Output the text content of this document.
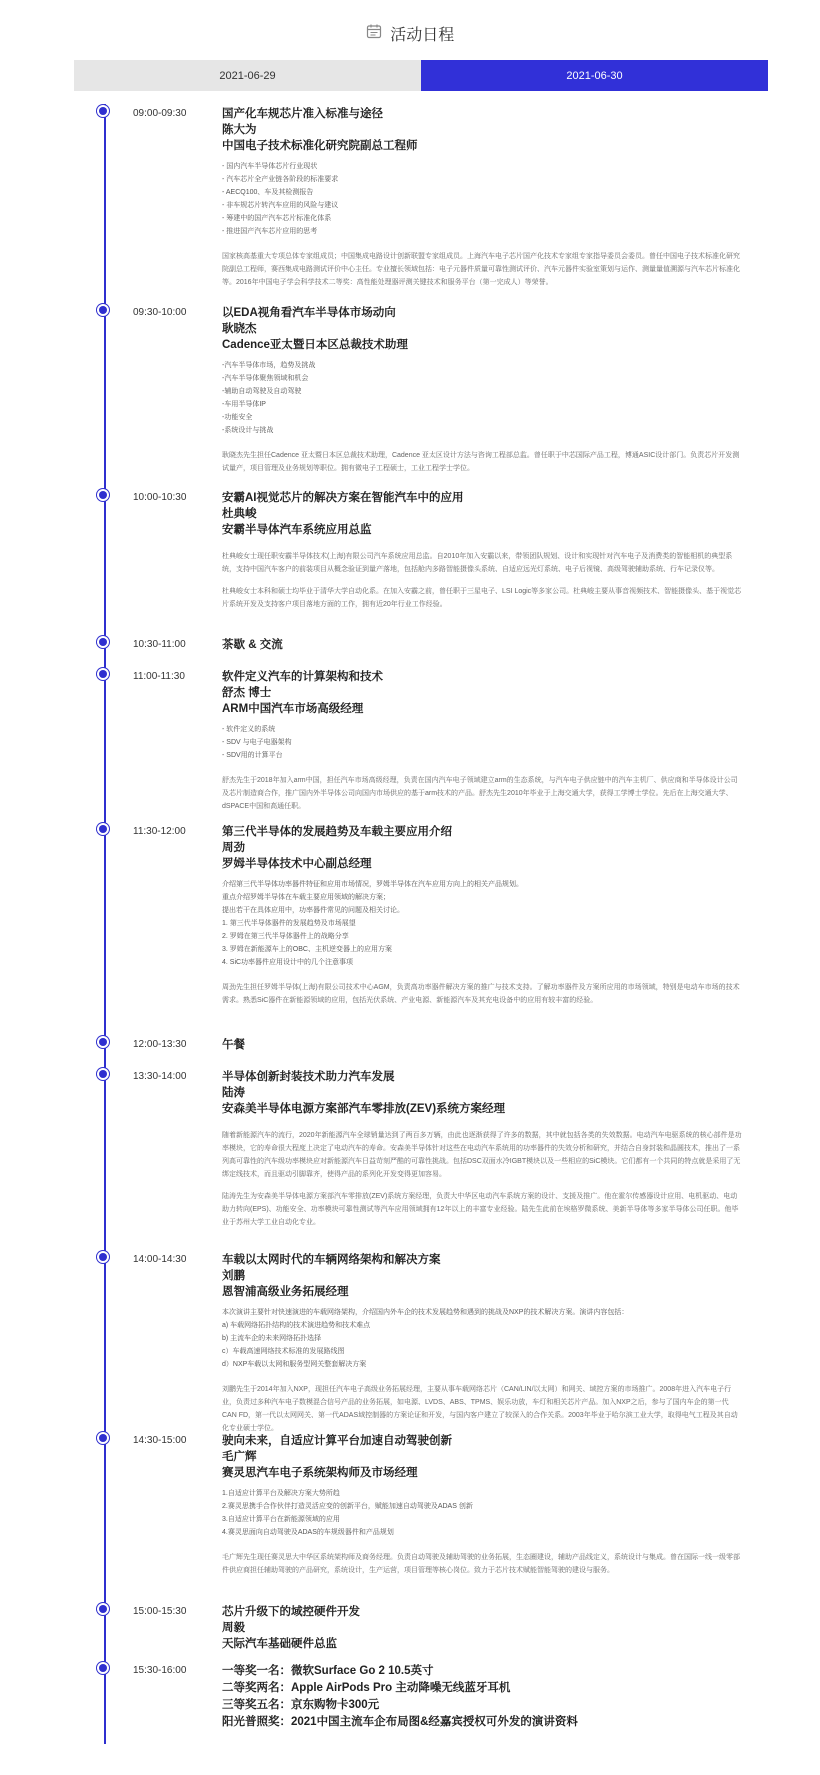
活动日程
2021-06-29	2021-06-30
09:00-09:30	国产化车规芯片准入标准与途径
陈大为
中国电子技术标准化研究院副总工程师
- 国内汽车半导体芯片行业现状
- 汽车芯片全产业链各阶段的标准要求
- AECQ100、车及其检测报告
- 非车规芯片转汽车应用的风险与建议
- 筹建中的国产汽车芯片标准化体系
- 推进国产汽车芯片应用的思考

国家核高基重大专项总体专家组成员；中国集成电路设计创新联盟专家组成员。上海汽车电子芯片国产化技术专家组专家指导委员会委员。曾任中国电子技术标准化研究院副总工程师，赛西集成电路测试评价中心主任。专业擅长领域包括：电子元器件质量可靠性测试评价、汽车元器件实验室策划与运作、测量量值溯源与汽车芯片标准化等。2016年中国电子学会科学技术二等奖：高性能处理器评测关键技术和服务平台（第一完成人）等荣誉。

09:30-10:00	以EDA视角看汽车半导体市场动向
耿晓杰
Cadence亚太暨日本区总裁技术助理
-汽车半导体市场，趋势及挑战
-汽车半导体聚焦领域和机会
-辅助自动驾驶及自动驾驶
-车用半导体IP
-功能安全
-系统设计与挑战

耿晓杰先生担任Cadence 亚太暨日本区总裁技术助理，Cadence 亚太区设计方法与咨询工程部总监。曾任职于中芯国际产品工程，博通ASIC设计部门。负责芯片开发测试量产，项目管理及业务规划等职位。拥有微电子工程硕士，工业工程学士学位。

10:00-10:30	安霸AI视觉芯片的解决方案在智能汽车中的应用
杜典峻
安霸半导体汽车系统应用总监

杜典峻女士现任职安霸半导体技术(上海)有限公司汽车系统应用总监。自2010年加入安霸以来，带领团队规划、设计和实现针对汽车电子及消费类的智能相机的典型系统，支持中国汽车客户的前装项目从概念验证到量产落地，包括舱内多路智能摄像头系统、自适应远光灯系统、电子后视镜、高级驾驶辅助系统、行车记录仪等。

杜典峻女士本科和硕士均毕业于清华大学自动化系。在加入安霸之前，曾任职于三星电子、LSI Logic等多家公司。杜典峻主要从事音视频技术、智能摄像头、基于视觉芯片系统开发及支持客户项目落地方面的工作，拥有近20年行业工作经验。

10:30-11:00	茶歇 & 交流
11:00-11:30	软件定义汽车的计算架构和技术
舒杰 博士
ARM中国汽车市场高级经理
- 软件定义的系统
- SDV 与电子电器架构
- SDV用的计算平台

舒杰先生于2018年加入arm中国，担任汽车市场高级经理，负责在国内汽车电子领域建立arm的生态系统，与汽车电子供应链中的汽车主机厂、供应商和半导体设计公司及芯片制造商合作，推广国内外半导体公司向国内市场供应的基于arm技术的产品。舒杰先生2010年毕业于上海交通大学，获得工学博士学位。先后在上海交通大学、dSPACE中国和高通任职。

11:30-12:00	第三代半导体的发展趋势及车载主要应用介绍
周劲
罗姆半导体技术中心副总经理
介绍第三代半导体功率器件特征和应用市场情况，罗姆半导体在汽车应用方向上的相关产品规划。
重点介绍罗姆半导体在车载主要应用领域的解决方案；
提出若干在具体应用中，功率器件常见的问题及相关讨论。
1. 第三代半导体器件的发展趋势及市场展望
2. 罗姆在第三代半导体器件上的战略分享
3. 罗姆在新能源车上的OBC、主机逆变器上的应用方案
4. SiC功率器件应用设计中的几个注意事项

周劲先生担任罗姆半导体(上海)有限公司技术中心AGM，负责高功率器件解决方案的推广与技术支持。了解功率器件及方案所应用的市场领域，特别是电动车市场的技术需求。熟悉SiC器件在新能源领域的应用，包括光伏系统、产业电源、新能源汽车及其充电设备中的应用有较丰富的经验。

12:00-13:30	午餐
13:30-14:00	半导体创新封装技术助力汽车发展
陆涛
安森美半导体电源方案部汽车零排放(ZEV)系统方案经理

随着新能源汽车的流行，2020年新能源汽车全球销量达到了两百多万辆，由此也逐渐获得了许多的数据，其中就包括各类的失效数据。电动汽车电驱系统的核心部件是功率模块，它的寿命很大程度上决定了电动汽车的寿命。安森美半导体针对这些在电动汽车系统用的功率器件的失效分析和研究，并结合自身封装和晶圆技术，推出了一系列高可靠性的汽车级功率模块应对新能源汽车日益苛刻严酷的可靠性挑战。包括DSC双面水冷IGBT模块以及一些相应的SiC模块。它们都有一个共同的特点就是采用了无绑定线技术，而且驱动引脚靠齐，使得产品的系列化开发变得更加容易。

陆涛先生为安森美半导体电源方案部汽车零排放(ZEV)系统方案经理，负责大中华区电动汽车系统方案的设计、支援及推广。他在霍尔传感器设计应用、电机驱动、电动助力转向(EPS)、功能安全、功率模块可靠性测试等汽车应用领域拥有12年以上的丰富专业经验。陆先生此前在埃格罗微系统、美新半导体等多家半导体公司任职。他毕业于苏州大学工业自动化专业。

14:00-14:30	车载以太网时代的车辆网络架构和解决方案
刘鹏
恩智浦高级业务拓展经理
本次演讲主要针对快速演进的车载网络架构，介绍国内外车企的技术发展趋势和遇到的挑战及NXP的技术解决方案。演讲内容包括：
a) 车载网络拓扑结构的技术演进趋势和技术难点
b) 主流车企的未来网络拓扑选择
c）车载高速网络技术标准的发展路线图
d）NXP车载以太网和服务型网关整套解决方案

刘鹏先生于2014年加入NXP，现担任汽车电子高级业务拓展经理，主要从事车载网络芯片（CAN/LIN/以太网）和网关、域控方案的市场推广。2008年进入汽车电子行业，负责过多种汽车电子数模混合信号产品的业务拓展，如电源、LVDS、ABS、TPMS、娱乐功放，车灯和相关芯片产品。加入NXP之后，参与了国内车企的第一代CAN FD，第一代以太网网关、第一代ADAS域控制器的方案论证和开发，与国内客户建立了较深入的合作关系。2003年毕业于哈尔滨工业大学，取得电气工程及其自动化专业硕士学位。

14:30-15:00	驶向未来，自适应计算平台加速自动驾驶创新
毛广辉
赛灵思汽车电子系统架构师及市场经理
1.自适应计算平台及解决方案大势所趋
2.赛灵思携手合作伙伴打造灵活应变的创新平台，赋能加速自动驾驶及ADAS 创新
3.自适应计算平台在新能源领域的应用
4.赛灵思面向自动驾驶及ADAS的车规级器件和产品规划

毛广辉先生现任赛灵思大中华区系统架构师及商务经理。负责自动驾驶及辅助驾驶的业务拓展，生态圈建设，辅助产品线定义，系统设计与集成。曾在国际一线一级零部件供应商担任辅助驾驶的产品研究，系统设计，生产运营，项目管理等核心岗位。致力于芯片技术赋能智能驾驶的建设与服务。

15:00-15:30	芯片升级下的域控硬件开发
周毅
天际汽车基础硬件总监
15:30-16:00	一等奖一名：微软Surface Go 2 10.5英寸
二等奖两名：Apple AirPods Pro 主动降噪无线蓝牙耳机
三等奖五名：京东购物卡300元
阳光普照奖：2021中国主流车企布局图&经嘉宾授权可外发的演讲资料
